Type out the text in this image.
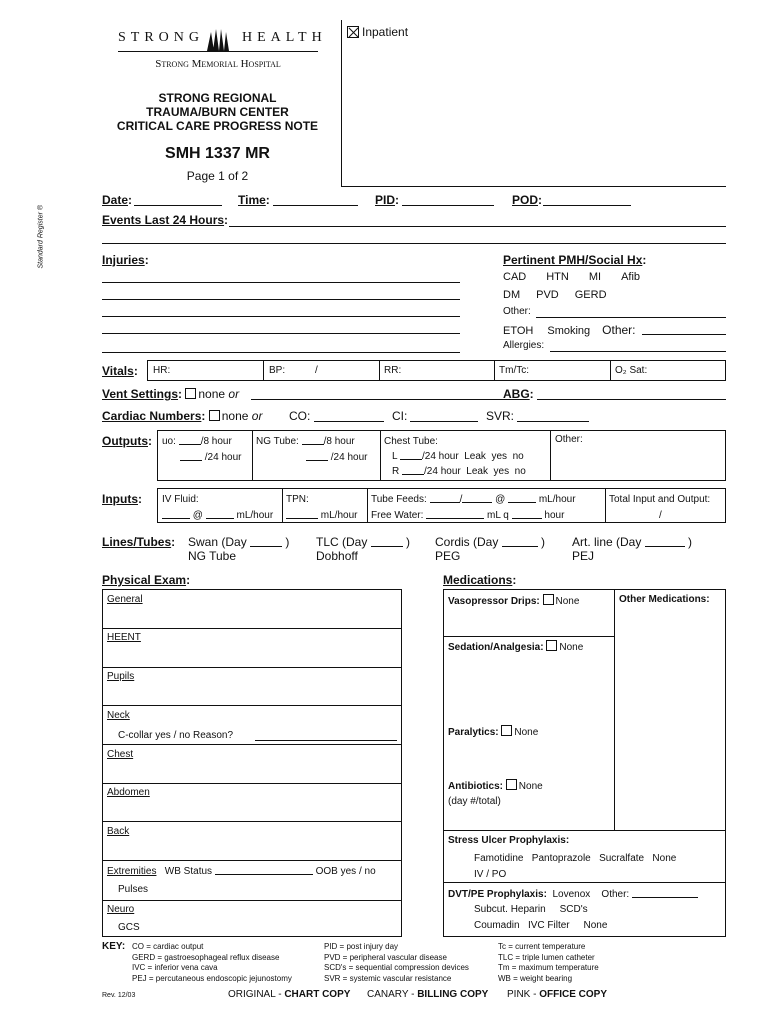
STRONG	HEALTH
Strong Memorial Hospital
STRONG REGIONAL
TRAUMA/BURN CENTER
CRITICAL CARE PROGRESS NOTE
SMH 1337 MR
Page 1 of 2
Standard Register ®
Inpatient
Date:	Time:	PID:	POD:
Events Last 24 Hours:
Injuries:	Pertinent PMH/Social Hx:
CAD HTN MI Afib
DM PVD GERD
Other:
ETOH Smoking Other:
Allergies:
Vitals: HR:	BP:	/	RR:	Tm/Tc:	O₂ Sat:
Vent Settings: none or	ABG:
Cardiac Numbers: none or CO:	CI:	SVR:
Outputs: uo: /8 hour
/24 hour
NG Tube: /8 hour
/24 hour
Chest Tube:
L /24 hour Leak yes no
R /24 hour Leak yes no
Other:
Inputs: IV Fluid:
@	mL/hour
TPN:
mL/hour
Tube Feeds:	/	@	mL/hour
Free Water:	mL q	hour
Total Input and Output:
/
Lines/Tubes: Swan (Day	)
NG Tube
TLC (Day	)
Dobhoff
Cordis (Day	)
PEG
Art. line (Day	)
PEJ
Physical Exam:
General
HEENT
Pupils
Neck
C-collar yes / no Reason?
Chest
Abdomen
Back
Extremities WB Status	OOB yes / no
Pulses
Neuro
GCS
Medications:
Vasopressor Drips: None	Other Medications:
Sedation/Analgesia: None
Paralytics: None
Antibiotics: None
(day #/total)
Stress Ulcer Prophylaxis:
Famotidine   Pantoprazole   Sucralfate   None
IV / PO
DVT/PE Prophylaxis: Lovenox Other:
Subcut. Heparin SCD's
Coumadin IVC Filter None
KEY: CO = cardiac output
GERD = gastroesophageal reflux disease
IVC = inferior vena cava
PEJ = percutaneous endoscopic jejunostomy
PID = post injury day
PVD = peripheral vascular disease
SCD's = sequential compression devices
SVR = systemic vascular resistance
Tc = current temperature
TLC = triple lumen catheter
Tm = maximum temperature
WB = weight bearing
Rev. 12/03	ORIGINAL - CHART COPY CANARY - BILLING COPY PINK - OFFICE COPY
